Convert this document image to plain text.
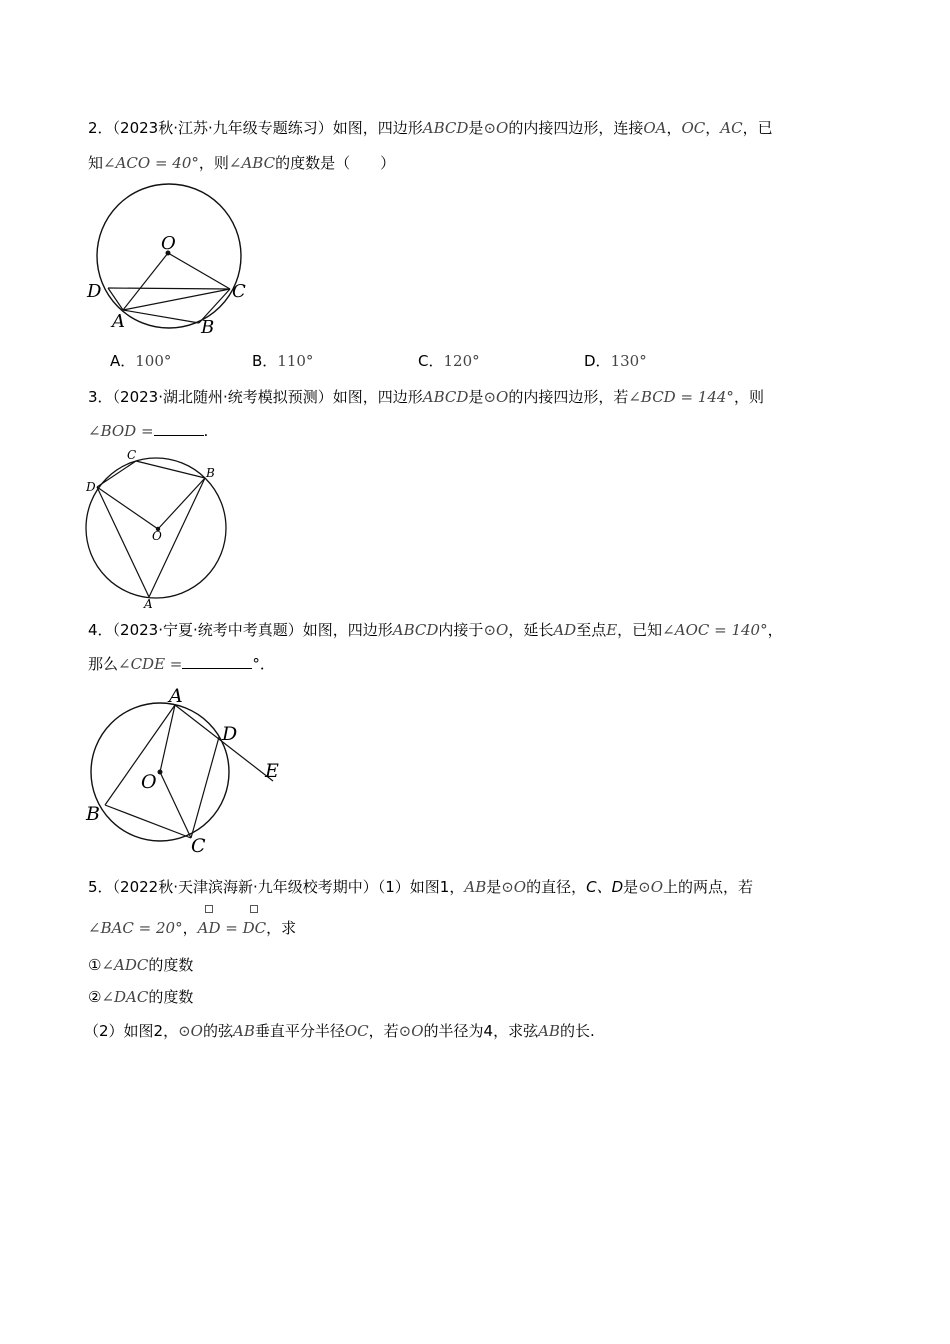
2．（2023秋·江苏·九年级专题练习）如图，四边形ABCD是⊙O的内接四边形，连接OA，OC，AC，已
知∠ACO = 40°，则∠ABC的度数是（　　）
O
D	C
A	B
A．100°	B．110°	C．120°	D．130°
3．（2023·湖北随州·统考模拟预测）如图，四边形ABCD是⊙O的内接四边形，若∠BCD = 144°，则
∠BOD =	.
C
B
D
O
A
4．（2023·宁夏·统考中考真题）如图，四边形ABCD内接于⊙O，延长AD至点E，已知∠AOC = 140°，
那么∠CDE =	°．
A
D
E
O
B
C
5．（2022秋·天津滨海新·九年级校考期中）（1）如图1，AB是⊙O的直径，C、D是⊙O上的两点，若
∠BAC = 20°，
AD =
DC，求
①∠ADC的度数
②∠DAC的度数
（2）如图2，⊙O的弦AB垂直平分半径OC，若⊙O的半径为4，求弦AB的长.
